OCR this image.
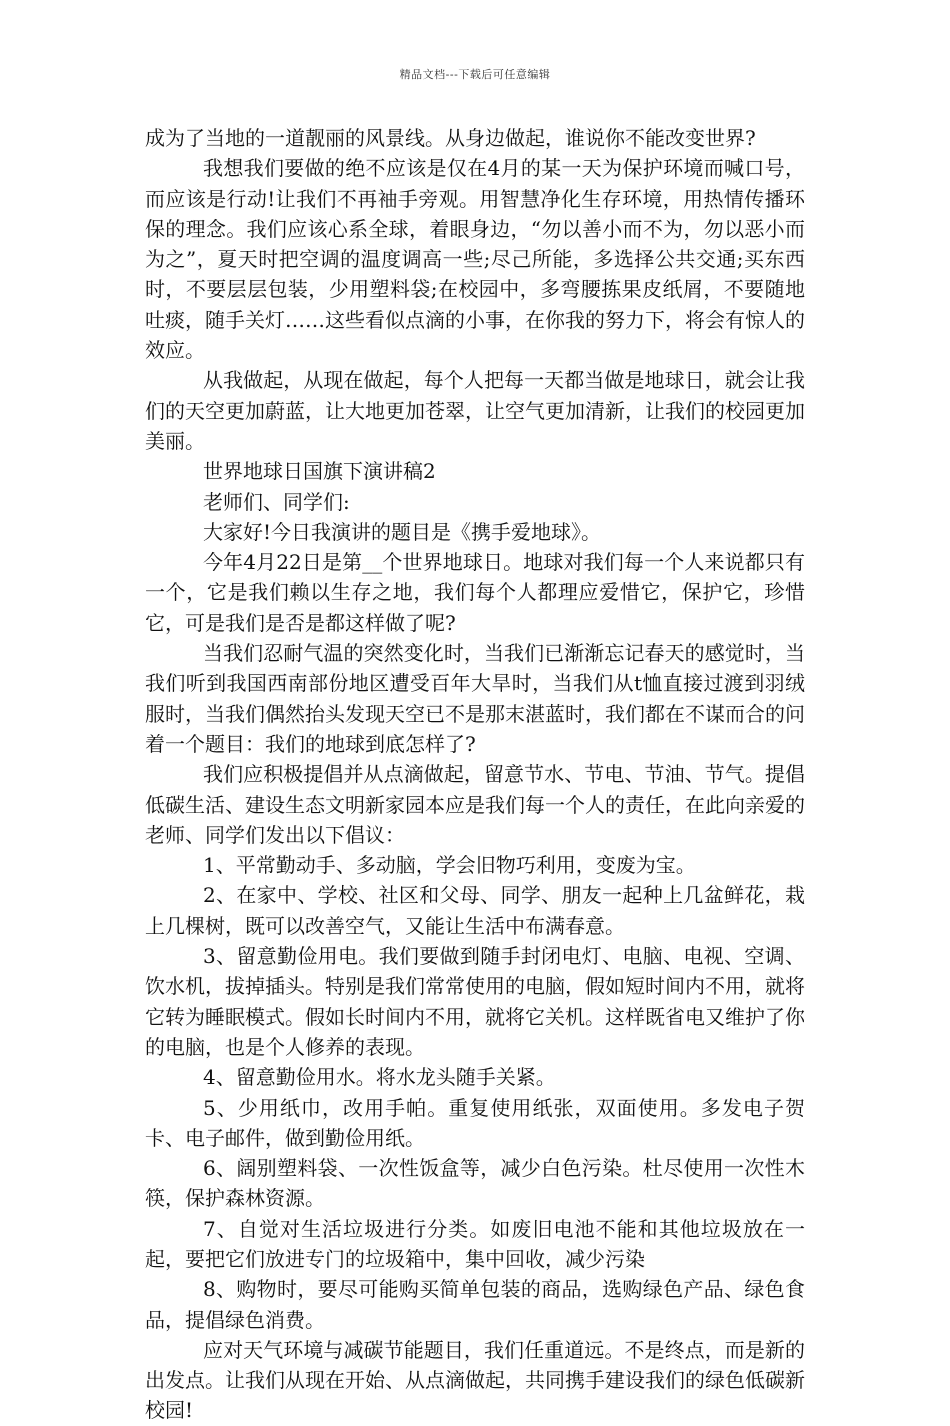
精品文档---下载后可任意编辑

成为了当地的一道靓丽的风景线。从身边做起，谁说你不能改变世界?

我想我们要做的绝不应该是仅在4月的某一天为保护环境而喊口号，而应该是行动!让我们不再袖手旁观。用智慧净化生存环境，用热情传播环保的理念。我们应该心系全球，着眼身边，“勿以善小而不为，勿以恶小而为之”，夏天时把空调的温度调高一些;尽己所能，多选择公共交通;买东西时，不要层层包装，少用塑料袋;在校园中，多弯腰拣果皮纸屑，不要随地吐痰，随手关灯……这些看似点滴的小事，在你我的努力下，将会有惊人的效应。

从我做起，从现在做起，每个人把每一天都当做是地球日，就会让我们的天空更加蔚蓝，让大地更加苍翠，让空气更加清新，让我们的校园更加美丽。

世界地球日国旗下演讲稿2

老师们、同学们:

大家好!今日我演讲的题目是《携手爱地球》。

今年4月22日是第__个世界地球日。地球对我们每一个人来说都只有一个，它是我们赖以生存之地，我们每个人都理应爱惜它，保护它，珍惜它，可是我们是否是都这样做了呢?

当我们忍耐气温的突然变化时，当我们已渐渐忘记春天的感觉时，当我们听到我国西南部份地区遭受百年大旱时，当我们从t恤直接过渡到羽绒服时，当我们偶然抬头发现天空已不是那末湛蓝时，我们都在不谋而合的问着一个题目：我们的地球到底怎样了?

我们应积极提倡并从点滴做起，留意节水、节电、节油、节气。提倡低碳生活、建设生态文明新家园本应是我们每一个人的责任，在此向亲爱的老师、同学们发出以下倡议：

1、平常勤动手、多动脑，学会旧物巧利用，变废为宝。

2、在家中、学校、社区和父母、同学、朋友一起种上几盆鲜花，栽上几棵树，既可以改善空气，又能让生活中布满春意。

3、留意勤俭用电。我们要做到随手封闭电灯、电脑、电视、空调、饮水机，拔掉插头。特别是我们常常使用的电脑，假如短时间内不用，就将它转为睡眠模式。假如长时间内不用，就将它关机。这样既省电又维护了你的电脑，也是个人修养的表现。

4、留意勤俭用水。将水龙头随手关紧。

5、少用纸巾，改用手帕。重复使用纸张，双面使用。多发电子贺卡、电子邮件，做到勤俭用纸。

6、阔别塑料袋、一次性饭盒等，减少白色污染。杜尽使用一次性木筷，保护森林资源。

7、自觉对生活垃圾进行分类。如废旧电池不能和其他垃圾放在一起，要把它们放进专门的垃圾箱中，集中回收，减少污染

8、购物时，要尽可能购买简单包装的商品，选购绿色产品、绿色食品，提倡绿色消费。

应对天气环境与减碳节能题目，我们任重道远。不是终点，而是新的出发点。让我们从现在开始、从点滴做起，共同携手建设我们的绿色低碳新校园!
